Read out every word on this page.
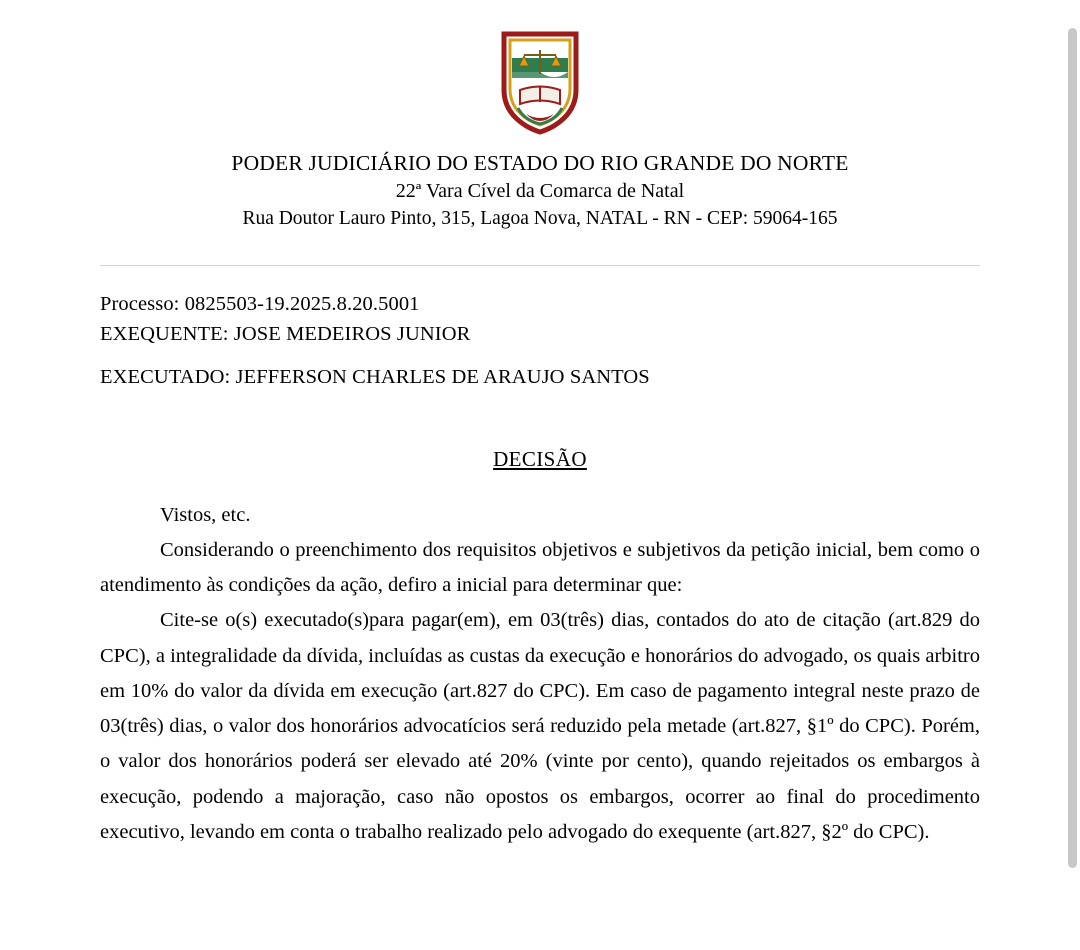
PODER JUDICIÁRIO DO ESTADO DO RIO GRANDE DO NORTE
22ª Vara Cível da Comarca de Natal
Rua Doutor Lauro Pinto, 315, Lagoa Nova, NATAL - RN - CEP: 59064-165
Processo: 0825503-19.2025.8.20.5001
EXEQUENTE: JOSE MEDEIROS JUNIOR
EXECUTADO: JEFFERSON CHARLES DE ARAUJO SANTOS
DECISÃO

Vistos, etc.

Considerando o preenchimento dos requisitos objetivos e subjetivos da petição inicial, bem como o atendimento às condições da ação, defiro a inicial para determinar que:

Cite-se o(s) executado(s)para pagar(em), em 03(três) dias, contados do ato de citação (art.829 do CPC), a integralidade da dívida, incluídas as custas da execução e honorários do advogado, os quais arbitro em 10% do valor da dívida em execução (art.827 do CPC). Em caso de pagamento integral neste prazo de 03(três) dias, o valor dos honorários advocatícios será reduzido pela metade (art.827, §1º do CPC). Porém, o valor dos honorários poderá ser elevado até 20% (vinte por cento), quando rejeitados os embargos à execução, podendo a majoração, caso não opostos os embargos, ocorrer ao final do procedimento executivo, levando em conta o trabalho realizado pelo advogado do exequente (art.827, §2º do CPC).
